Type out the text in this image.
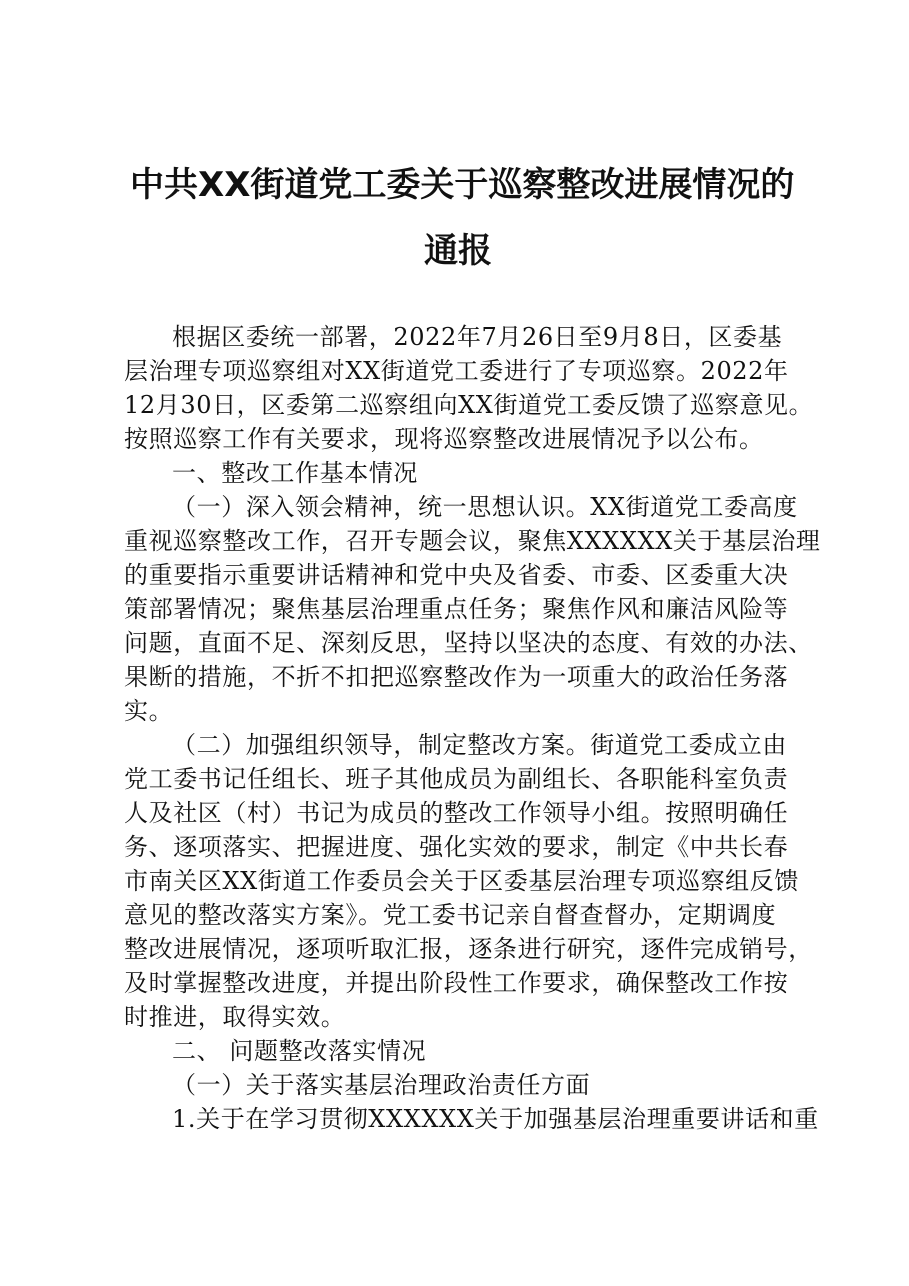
中共XX街道党工委关于巡察整改进展情况的
通报
根据区委统一部署，2022年7月26日至9月8日，区委基
层治理专项巡察组对XX街道党工委进行了专项巡察。2022年
12月30日，区委第二巡察组向XX街道党工委反馈了巡察意见。
按照巡察工作有关要求，现将巡察整改进展情况予以公布。
一、整改工作基本情况
（一）深入领会精神，统一思想认识。XX街道党工委高度
重视巡察整改工作，召开专题会议，聚焦XXXXXX关于基层治理
的重要指示重要讲话精神和党中央及省委、市委、区委重大决
策部署情况；聚焦基层治理重点任务；聚焦作风和廉洁风险等
问题，直面不足、深刻反思，坚持以坚决的态度、有效的办法、
果断的措施，不折不扣把巡察整改作为一项重大的政治任务落
实。
（二）加强组织领导，制定整改方案。街道党工委成立由
党工委书记任组长、班子其他成员为副组长、各职能科室负责
人及社区（村）书记为成员的整改工作领导小组。按照明确任
务、逐项落实、把握进度、强化实效的要求，制定《中共长春
市南关区XX街道工作委员会关于区委基层治理专项巡察组反馈
意见的整改落实方案》。党工委书记亲自督查督办，定期调度
整改进展情况，逐项听取汇报，逐条进行研究，逐件完成销号，
及时掌握整改进度，并提出阶段性工作要求，确保整改工作按
时推进，取得实效。
二、 问题整改落实情况
（一）关于落实基层治理政治责任方面
1.关于在学习贯彻XXXXXX关于加强基层治理重要讲话和重
